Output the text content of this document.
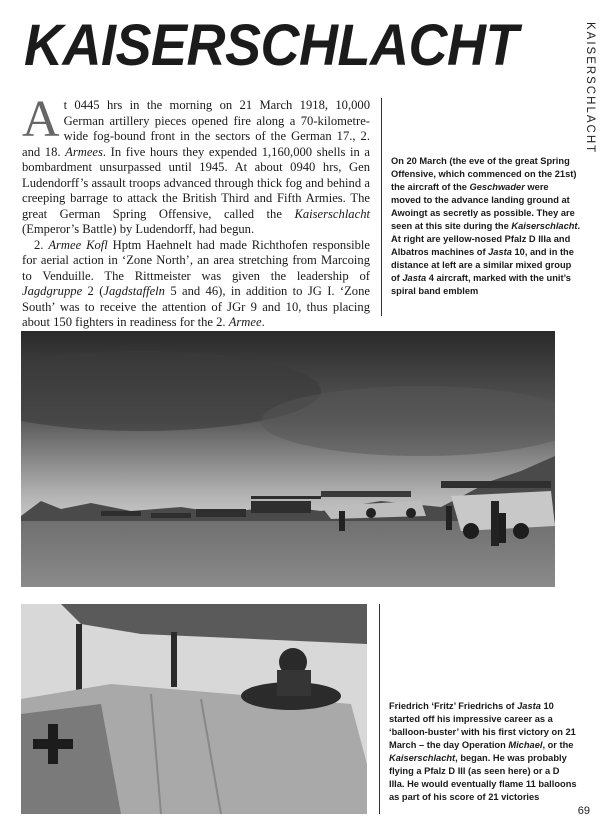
KAISERSCHLACHT	KAISERSCHLACHT

At 0445 hrs in the morning on 21 March 1918, 10,000 German artillery pieces opened fire along a 70-kilometre-wide fog-bound front in the sectors of the German 17., 2. and 18. Armees. In five hours they expended 1,160,000 shells in a bombardment unsurpassed until 1945. At about 0940 hrs, Gen Ludendorff’s assault troops advanced through thick fog and behind a creeping barrage to attack the British Third and Fifth Armies. The great German Spring Offensive, called the Kaiserschlacht (Emperor’s Battle) by Ludendorff, had begun.

2. Armee Kofl Hptm Haehnelt had made Richthofen responsible for aerial action in ‘Zone North’, an area stretching from Marcoing to Venduille. The Rittmeister was given the leadership of Jagdgruppe 2 (Jagdstaffeln 5 and 46), in addition to JG I. ‘Zone South’ was to receive the attention of JGr 9 and 10, thus placing about 150 fighters in readiness for the 2. Armee.

On 20 March (the eve of the great Spring Offensive, which commenced on the 21st) the aircraft of the Geschwader were moved to the advance landing ground at Awoingt as secretly as possible. They are seen at this site during the Kaiserschlacht. At right are yellow-nosed Pfalz D IIIa and Albatros machines of Jasta 10, and in the distance at left are a similar mixed group of Jasta 4 aircraft, marked with the unit’s spiral band emblem
Friedrich ‘Fritz’ Friedrichs of Jasta 10 started off his impressive career as a ‘balloon-buster’ with his first victory on 21 March – the day Operation Michael, or the Kaiserschlacht, began. He was probably flying a Pfalz D III (as seen here) or a D IIIa. He would eventually flame 11 balloons as part of his score of 21 victories
69
